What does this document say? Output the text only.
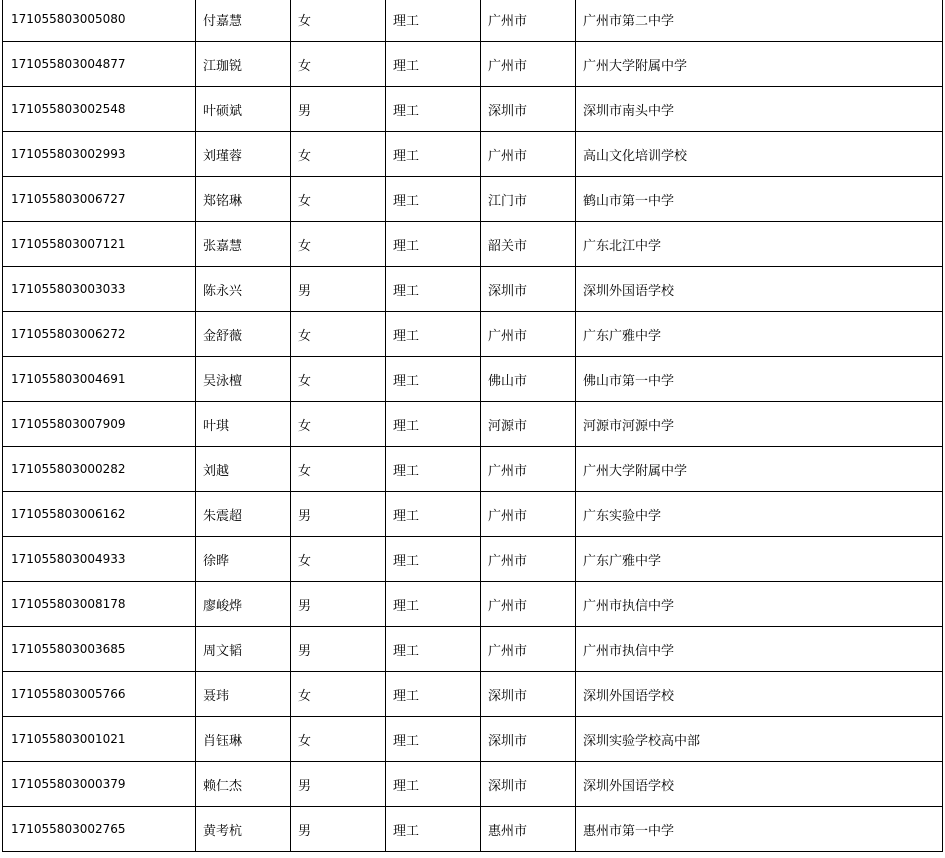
171055803005080	付嘉慧	女	理工	广州市	广州市第二中学
171055803004877	江珈锐	女	理工	广州市	广州大学附属中学
171055803002548	叶硕斌	男	理工	深圳市	深圳市南头中学
171055803002993	刘瑾蓉	女	理工	广州市	高山文化培训学校
171055803006727	郑铭琳	女	理工	江门市	鹤山市第一中学
171055803007121	张嘉慧	女	理工	韶关市	广东北江中学
171055803003033	陈永兴	男	理工	深圳市	深圳外国语学校
171055803006272	金舒薇	女	理工	广州市	广东广雅中学
171055803004691	吴泳檀	女	理工	佛山市	佛山市第一中学
171055803007909	叶琪	女	理工	河源市	河源市河源中学
171055803000282	刘越	女	理工	广州市	广州大学附属中学
171055803006162	朱震超	男	理工	广州市	广东实验中学
171055803004933	徐晔	女	理工	广州市	广东广雅中学
171055803008178	廖峻烨	男	理工	广州市	广州市执信中学
171055803003685	周文韬	男	理工	广州市	广州市执信中学
171055803005766	聂玮	女	理工	深圳市	深圳外国语学校
171055803001021	肖钰琳	女	理工	深圳市	深圳实验学校高中部
171055803000379	赖仁杰	男	理工	深圳市	深圳外国语学校
171055803002765	黄考杭	男	理工	惠州市	惠州市第一中学
